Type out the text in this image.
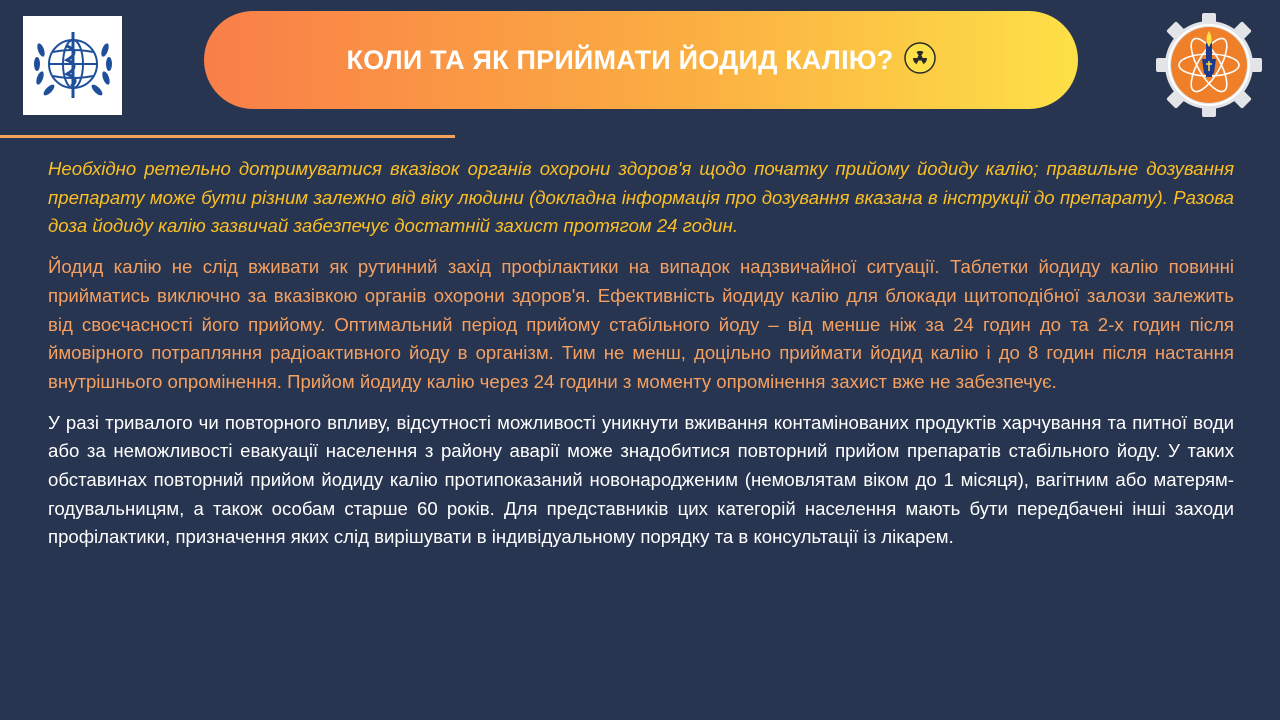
КОЛИ ТА ЯК ПРИЙМАТИ ЙОДИД КАЛІЮ?

Необхідно ретельно дотримуватися вказівок органів охорони здоров'я щодо початку прийому йодиду калію; правильне дозування препарату може бути різним залежно від віку людини (докладна інформація про дозування вказана в інструкції до препарату). Разова доза йодиду калію зазвичай забезпечує достатній захист протягом 24 годин.

Йодид калію не слід вживати як рутинний захід профілактики на випадок надзвичайної ситуації. Таблетки йодиду калію повинні прийматись виключно за вказівкою органів охорони здоров'я. Ефективність йодиду калію для блокади щитоподібної залози залежить від своєчасності його прийому. Оптимальний період прийому стабільного йоду – від менше ніж за 24 годин до та 2-х годин після ймовірного потрапляння радіоактивного йоду в організм. Тим не менш, доцільно приймати йодид калію і до 8 годин після настання внутрішнього опромінення. Прийом йодиду калію через 24 години з моменту опромінення захист вже не забезпечує.

У разі тривалого чи повторного впливу, відсутності можливості уникнути вживання контамінованих продуктів харчування та питної води або за неможливості евакуації населення з району аварії може знадобитися повторний прийом препаратів стабільного йоду. У таких обставинах повторний прийом йодиду калію протипоказаний новонародженим (немовлятам віком до 1 місяця), вагітним або матерям-годувальницям, а також особам старше 60 років. Для представників цих категорій населення мають бути передбачені інші заходи профілактики, призначення яких слід вирішувати в індивідуальному порядку та в консультації із лікарем.
